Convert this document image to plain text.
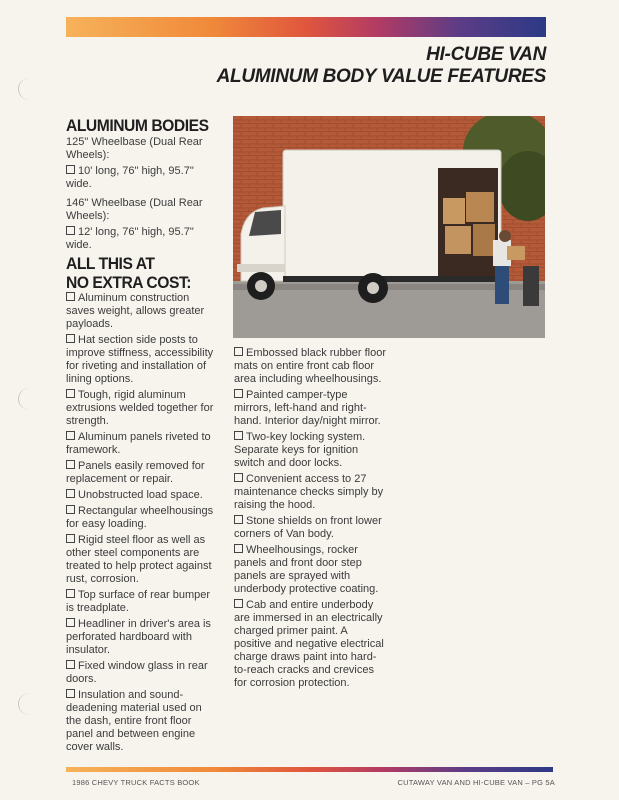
HI-CUBE VAN
ALUMINUM BODY VALUE FEATURES
ALUMINUM BODIES

125" Wheelbase (Dual Rear Wheels):

10' long, 76" high, 95.7" wide.

146" Wheelbase (Dual Rear Wheels):

12' long, 76" high, 95.7" wide.

ALL THIS AT
NO EXTRA COST:

Aluminum construction saves weight, allows greater payloads.

Hat section side posts to improve stiffness, accessibility for riveting and installation of lining options.

Tough, rigid aluminum extrusions welded together for strength.

Aluminum panels riveted to framework.

Panels easily removed for replacement or repair.

Unobstructed load space.

Rectangular wheelhousings for easy loading.

Rigid steel floor as well as other steel components are treated to help protect against rust, corrosion.

Top surface of rear bumper is treadplate.

Headliner in driver's area is perforated hardboard with insulator.

Fixed window glass in rear doors.

Insulation and sound-deadening material used on the dash, entire front floor panel and between engine cover walls.

Embossed black rubber floor mats on entire front cab floor area including wheelhousings.

Painted camper-type mirrors, left-hand and right-hand. Interior day/night mirror.

Two-key locking system. Separate keys for ignition switch and door locks.

Convenient access to 27 maintenance checks simply by raising the hood.

Stone shields on front lower corners of Van body.

Wheelhousings, rocker panels and front door step panels are sprayed with underbody protective coating.

Cab and entire underbody are immersed in an electrically charged primer paint. A positive and negative electrical charge draws paint into hard-to-reach cracks and crevices for corrosion protection.

1986 CHEVY TRUCK FACTS BOOK	CUTAWAY VAN AND HI-CUBE VAN – PG 5A
